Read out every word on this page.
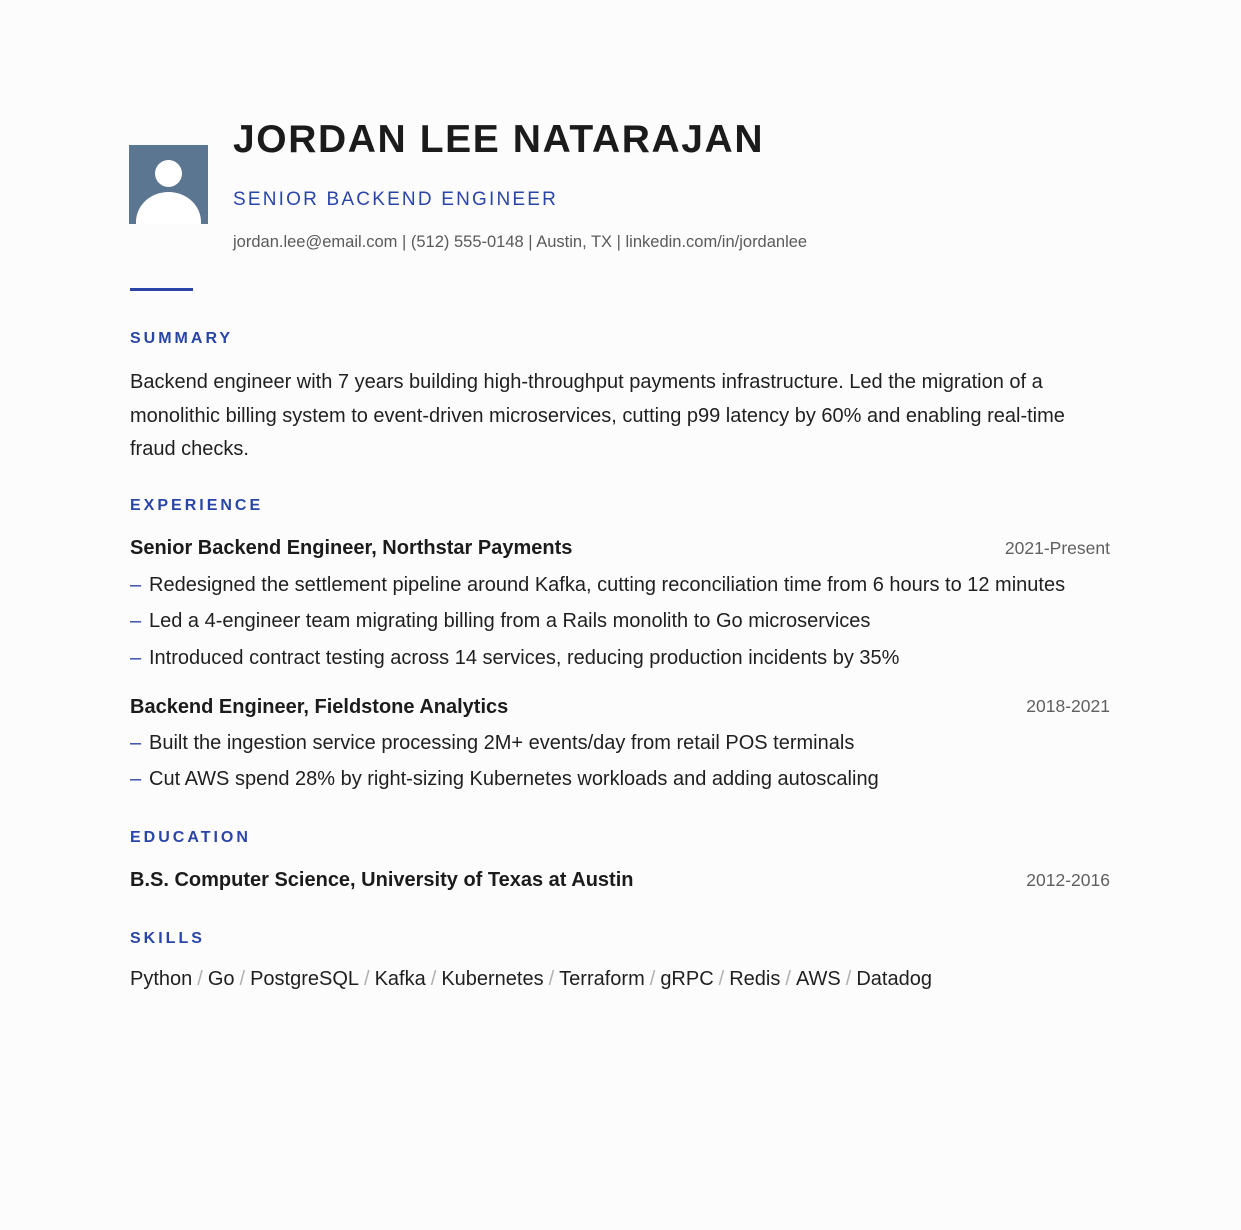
JORDAN LEE NATARAJAN
SENIOR BACKEND ENGINEER
jordan.lee@email.com | (512) 555-0148 | Austin, TX | linkedin.com/in/jordanlee
SUMMARY
Backend engineer with 7 years building high-throughput payments infrastructure. Led the migration of a monolithic billing system to event-driven microservices, cutting p99 latency by 60% and enabling real-time fraud checks.
EXPERIENCE
Senior Backend Engineer, Northstar Payments	2021-Present
– Redesigned the settlement pipeline around Kafka, cutting reconciliation time from 6 hours to 12 minutes
– Led a 4-engineer team migrating billing from a Rails monolith to Go microservices
– Introduced contract testing across 14 services, reducing production incidents by 35%
Backend Engineer, Fieldstone Analytics	2018-2021
– Built the ingestion service processing 2M+ events/day from retail POS terminals
– Cut AWS spend 28% by right-sizing Kubernetes workloads and adding autoscaling
EDUCATION
B.S. Computer Science, University of Texas at Austin	2012-2016
SKILLS
Python / Go / PostgreSQL / Kafka / Kubernetes / Terraform / gRPC / Redis / AWS / Datadog
